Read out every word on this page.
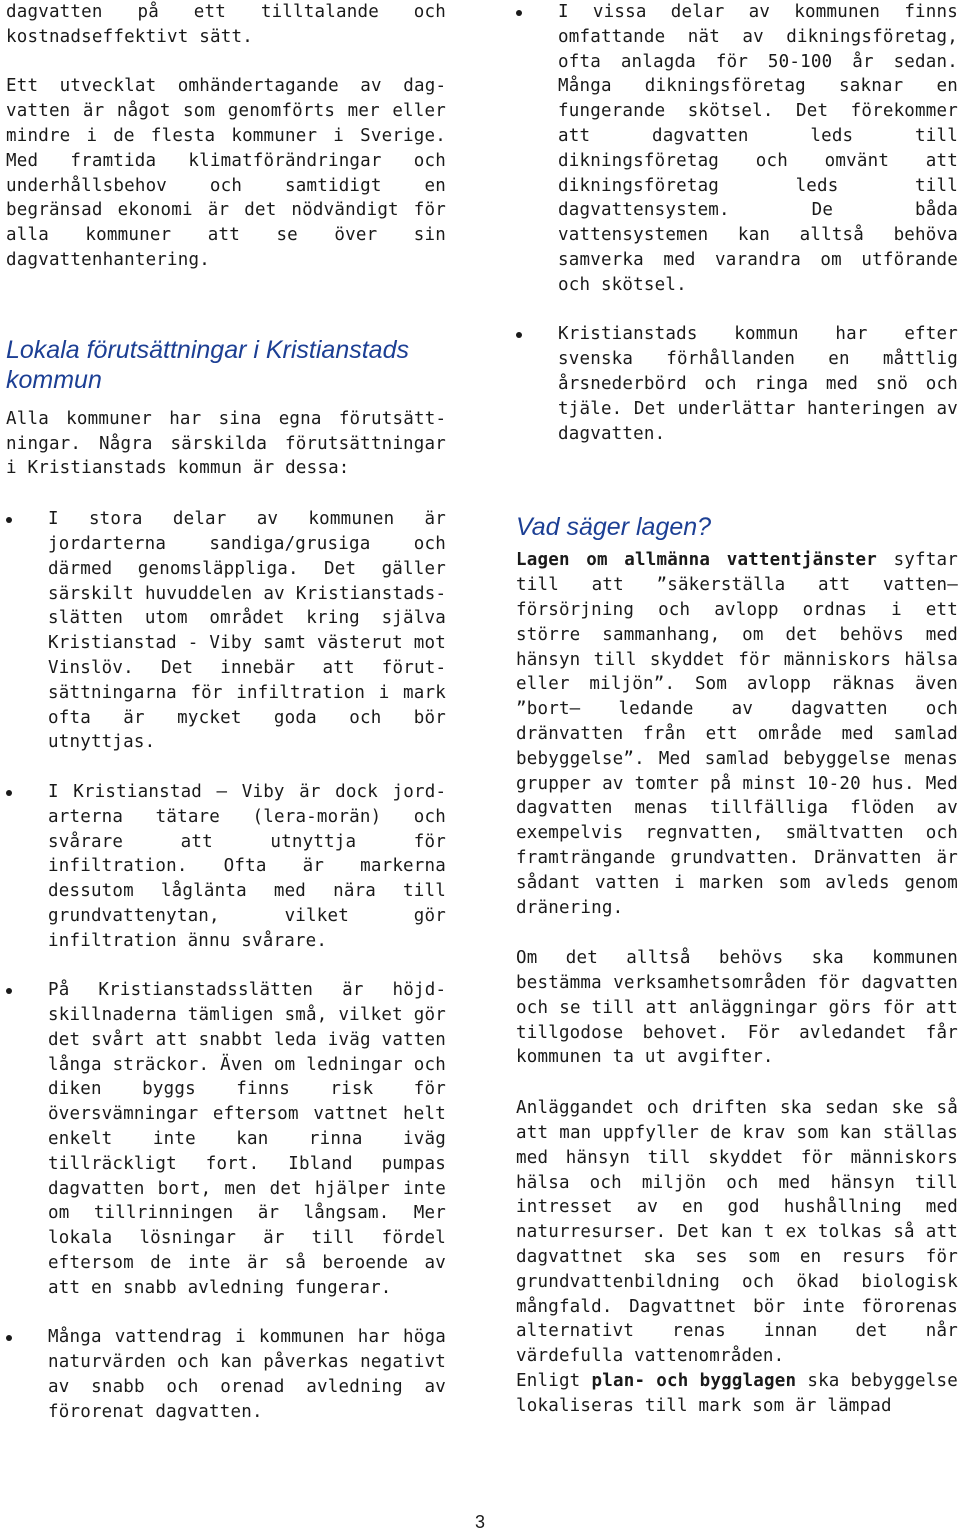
dagvatten på ett tilltalande och kostnadseffektivt sätt.

Ett utvecklat omhändertagande av dagvatten är något som genomförts mer eller mindre i de flesta kommuner i Sverige. Med framtida klimatförändringar och underhållsbehov och samtidigt en begränsad ekonomi är det nödvändigt för alla kommuner att se över sin dagvattenhantering.

Lokala förutsättningar i Kristianstads kommun

Alla kommuner har sina egna förutsättningar. Några särskilda förutsättningar i Kristianstads kommun är dessa:

I stora delar av kommunen är jordarterna sandiga/grusiga och därmed genomsläppliga. Det gäller särskilt huvuddelen av Kristianstadsslätten utom området kring själva Kristianstad - Viby samt västerut mot Vinslöv. Det innebär att förutsättningarna för infiltration i mark ofta är mycket goda och bör utnyttjas.

I Kristianstad – Viby är dock jordarterna tätare (lera-morän) och svårare att utnyttja för infiltration. Ofta är markerna dessutom låglänta med nära till grundvattenytan, vilket gör infiltration ännu svårare.

På Kristianstadsslätten är höjdskillnaderna tämligen små, vilket gör det svårt att snabbt leda iväg vatten långa sträckor. Även om ledningar och diken byggs finns risk för översvämningar eftersom vattnet helt enkelt inte kan rinna iväg tillräckligt fort. Ibland pumpas dagvatten bort, men det hjälper inte om tillrinningen är långsam. Mer lokala lösningar är till fördel eftersom de inte är så beroende av att en snabb avledning fungerar.

Många vattendrag i kommunen har höga naturvärden och kan påverkas negativt av snabb och orenad avledning av förorenat dagvatten.

I vissa delar av kommunen finns omfattande nät av dikningsföretag, ofta anlagda för 50-100 år sedan. Många dikningsföretag saknar en fungerande skötsel. Det förekommer att dagvatten leds till dikningsföretag och omvänt att dikningsföretag leds till dagvattensystem. De båda vattensystemen kan alltså behöva samverka med varandra om utförande och skötsel.

Kristianstads kommun har efter svenska förhållanden en måttlig årsnederbörd och ringa med snö och tjäle. Det underlättar hanteringen av dagvatten.

Vad säger lagen?

Lagen om allmänna vattentjänster syftar till att ”säkerställa att vatten– försörjning och avlopp ordnas i ett större sammanhang, om det behövs med hänsyn till skyddet för människors hälsa eller miljön”. Som avlopp räknas även ”bort– ledande av dagvatten och dränvatten från ett område med samlad bebyggelse”. Med samlad bebyggelse menas grupper av tomter på minst 10-20 hus. Med dagvatten menas tillfälliga flöden av exempelvis regnvatten, smältvatten och framträngande grundvatten. Dränvatten är sådant vatten i marken som avleds genom dränering.

Om det alltså behövs ska kommunen bestämma verksamhetsområden för dagvatten och se till att anläggningar görs för att tillgodose behovet. För avledandet får kommunen ta ut avgifter.

Anläggandet och driften ska sedan ske så att man uppfyller de krav som kan ställas med hänsyn till skyddet för människors hälsa och miljön och med hänsyn till intresset av en god hushållning med naturresurser. Det kan t ex tolkas så att dagvattnet ska ses som en resurs för grundvattenbildning och ökad biologisk mångfald. Dagvattnet bör inte förorenas alternativt renas innan det når värdefulla vattenområden.

Enligt plan- och bygglagen ska bebyggelse lokaliseras till mark som är lämpad

3
